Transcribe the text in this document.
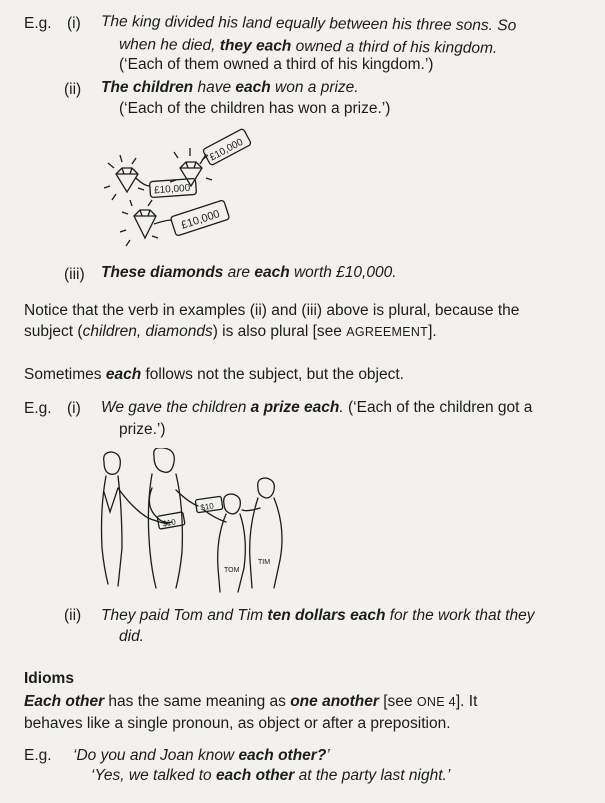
E.g. (i) The king divided his land equally between his three sons. So
when he died, they each owned a third of his kingdom.
(‘Each of them owned a third of his kingdom.’)
(ii) The children have each won a prize.
(‘Each of the children has won a prize.’)
£10,000
£10,000
£10,000
(iii) These diamonds are each worth £10,000.
Notice that the verb in examples (ii) and (iii) above is plural, because the
subject (children, diamonds) is also plural [see AGREEMENT].
Sometimes each follows not the subject, but the object.
E.g. (i) We gave the children a prize each. (‘Each of the children got a
prize.’)
$10
$10
TOM
TIM
(ii) They paid Tom and Tim ten dollars each for the work that they
did.
Idioms
Each other has the same meaning as one another [see ONE 4]. It
behaves like a single pronoun, as object or after a preposition.
E.g. ‘Do you and Joan know each other?’
‘Yes, we talked to each other at the party last night.’
